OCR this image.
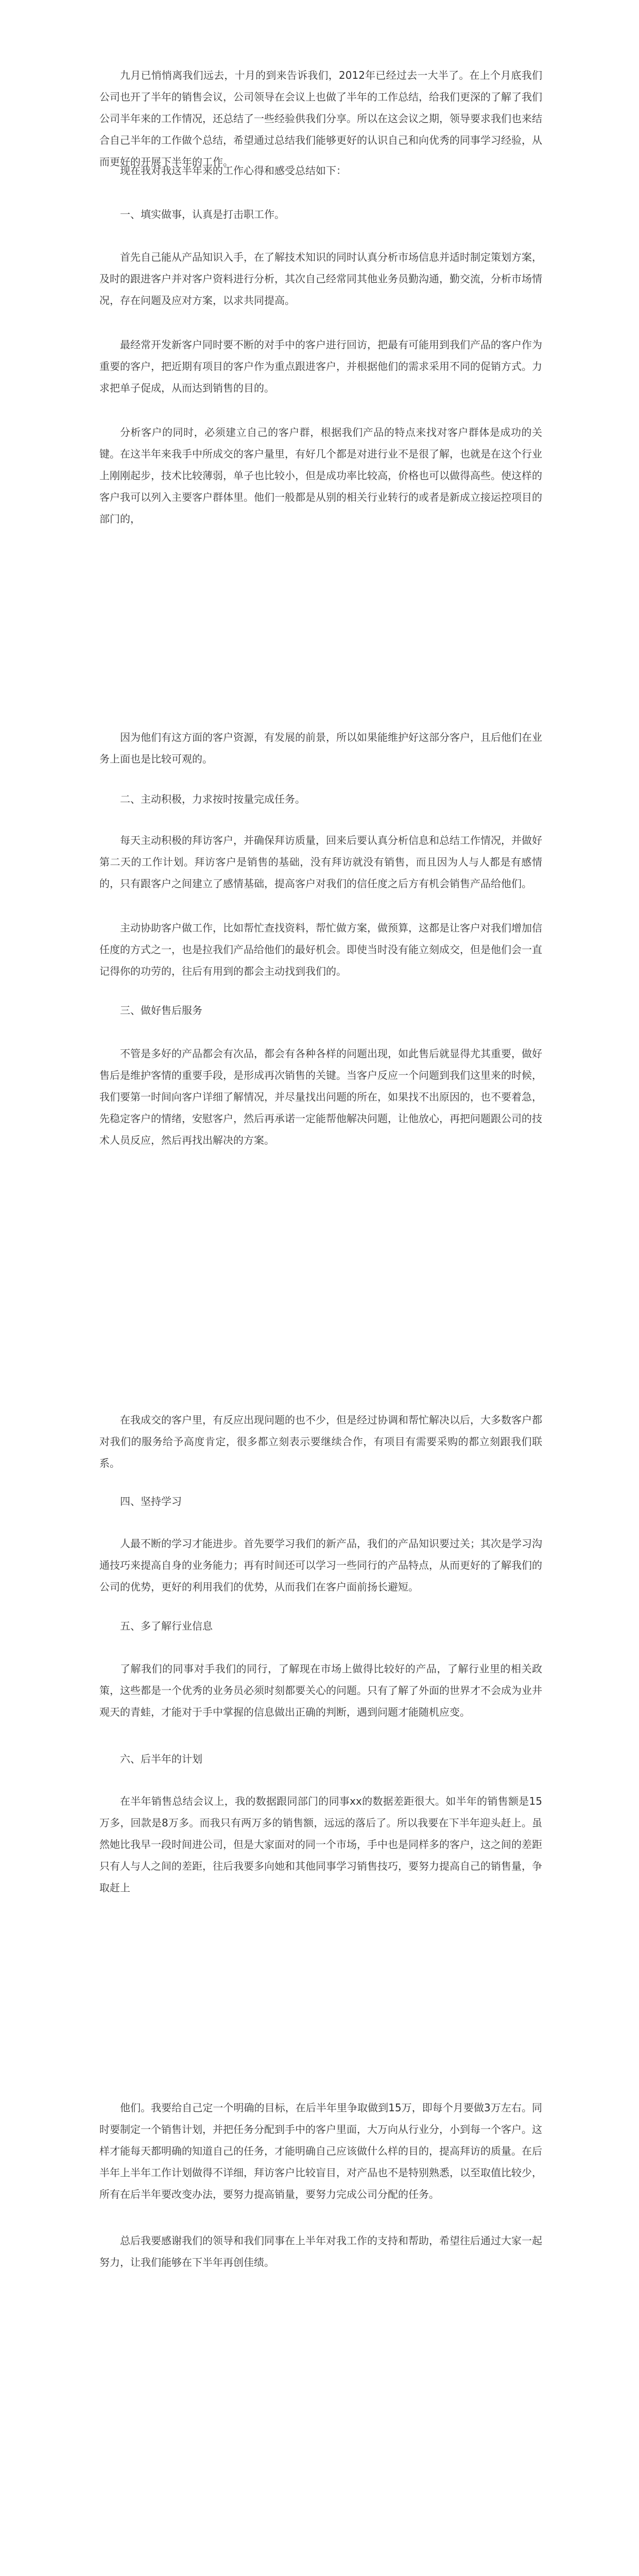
九月已悄悄离我们远去，十月的到来告诉我们，2012年已经过去一大半了。在上个月底我们公司也开了半年的销售会议，公司领导在会议上也做了半年的工作总结，给我们更深的了解了我们公司半年来的工作情况，还总结了一些经验供我们分享。所以在这会议之期，领导要求我们也来结合自己半年的工作做个总结，希望通过总结我们能够更好的认识自己和向优秀的同事学习经验，从而更好的开展下半年的工作。

现在我对我这半年来的工作心得和感受总结如下：

一、填实做事，认真是打击职工作。

首先自己能从产品知识入手，在了解技术知识的同时认真分析市场信息并适时制定策划方案，及时的跟进客户并对客户资料进行分析，其次自己经常同其他业务员勤沟通，勤交流，分析市场情况，存在问题及应对方案，以求共同提高。

最经常开发新客户同时要不断的对手中的客户进行回访，把最有可能用到我们产品的客户作为重要的客户，把近期有项目的客户作为重点跟进客户，并根据他们的需求采用不同的促销方式。力求把单子促成，从而达到销售的目的。

分析客户的同时，必须建立自己的客户群，根据我们产品的特点来找对客户群体是成功的关键。在这半年来我手中所成交的客户量里，有好几个都是对进行业不是很了解，也就是在这个行业上刚刚起步，技术比较薄弱，单子也比较小，但是成功率比较高，价格也可以做得高些。使这样的客户我可以列入主要客户群体里。他们一般都是从别的相关行业转行的或者是新成立接运控项目的部门的，

因为他们有这方面的客户资源，有发展的前景，所以如果能维护好这部分客户，且后他们在业务上面也是比较可观的。

二、主动积极，力求按时按量完成任务。

每天主动积极的拜访客户，并确保拜访质量，回来后要认真分析信息和总结工作情况，并做好第二天的工作计划。拜访客户是销售的基础，没有拜访就没有销售，而且因为人与人都是有感情的，只有跟客户之间建立了感情基础，提高客户对我们的信任度之后方有机会销售产品给他们。

主动协助客户做工作，比如帮忙查找资料，帮忙做方案，做预算，这都是让客户对我们增加信任度的方式之一，也是拉我们产品给他们的最好机会。即使当时没有能立刻成交，但是他们会一直记得你的功劳的，往后有用到的都会主动找到我们的。

三、做好售后服务

不管是多好的产品都会有次品，都会有各种各样的问题出现，如此售后就显得尤其重要，做好售后是维护客情的重要手段，是形成再次销售的关键。当客户反应一个问题到我们这里来的时候，我们要第一时间向客户详细了解情况，并尽量找出问题的所在，如果找不出原因的，也不要着急，先稳定客户的情绪，安慰客户，然后再承诺一定能帮他解决问题，让他放心，再把问题跟公司的技术人员反应，然后再找出解决的方案。

在我成交的客户里，有反应出现问题的也不少，但是经过协调和帮忙解决以后，大多数客户都对我们的服务给予高度肯定，很多都立刻表示要继续合作，有项目有需要采购的都立刻跟我们联系。

四、坚持学习

人最不断的学习才能进步。首先要学习我们的新产品，我们的产品知识要过关；其次是学习沟通技巧来提高自身的业务能力；再有时间还可以学习一些同行的产品特点，从而更好的了解我们的公司的优势，更好的利用我们的优势，从而我们在客户面前扬长避短。

五、多了解行业信息

了解我们的同事对手我们的同行，了解现在市场上做得比较好的产品，了解行业里的相关政策，这些都是一个优秀的业务员必须时刻都要关心的问题。只有了解了外面的世界才不会成为业井观天的青蛙，才能对于手中掌握的信息做出正确的判断，遇到问题才能随机应变。

六、后半年的计划

在半年销售总结会议上，我的数据跟同部门的同事xx的数据差距很大。如半年的销售额是15万多，回款是8万多。而我只有两万多的销售额，远远的落后了。所以我要在下半年迎头赶上。虽然她比我早一段时间进公司，但是大家面对的同一个市场，手中也是同样多的客户，这之间的差距只有人与人之间的差距，往后我要多向她和其他同事学习销售技巧，要努力提高自己的销售量，争取赶上

他们。我要给自己定一个明确的目标，在后半年里争取做到15万，即每个月要做3万左右。同时要制定一个销售计划，并把任务分配到手中的客户里面，大万向从行业分，小到每一个客户。这样才能每天都明确的知道自己的任务，才能明确自己应该做什么样的目的，提高拜访的质量。在后半年上半年工作计划做得不详细，拜访客户比较盲目，对产品也不是特别熟悉，以至取值比较少，所有在后半年要改变办法，要努力提高销量，要努力完成公司分配的任务。

总后我要感谢我们的领导和我们同事在上半年对我工作的支持和帮助，希望往后通过大家一起努力，让我们能够在下半年再创佳绩。
